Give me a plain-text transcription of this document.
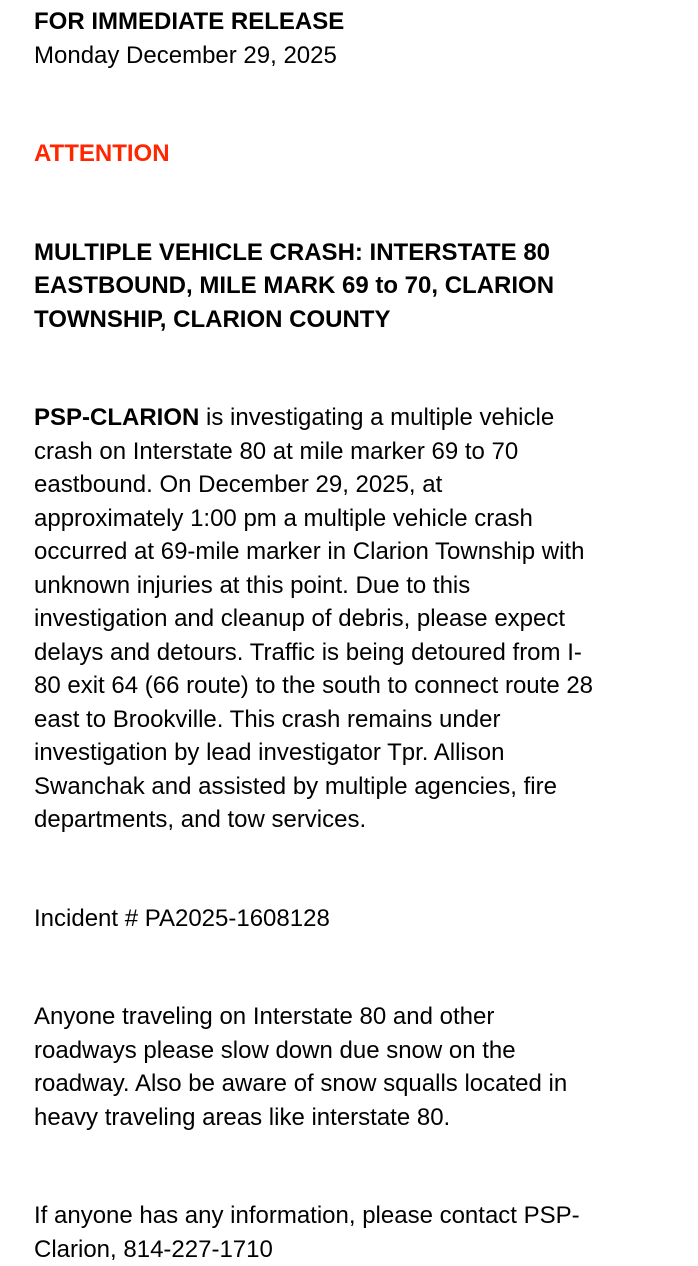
FOR IMMEDIATE RELEASE
Monday December 29, 2025
ATTENTION
MULTIPLE VEHICLE CRASH: INTERSTATE 80
EASTBOUND, MILE MARK 69 to 70, CLARION
TOWNSHIP, CLARION COUNTY
PSP-CLARION is investigating a multiple vehicle
crash on Interstate 80 at mile marker 69 to 70
eastbound. On December 29, 2025, at
approximately 1:00 pm a multiple vehicle crash
occurred at 69-mile marker in Clarion Township with
unknown injuries at this point. Due to this
investigation and cleanup of debris, please expect
delays and detours. Traffic is being detoured from I-
80 exit 64 (66 route) to the south to connect route 28
east to Brookville. This crash remains under
investigation by lead investigator Tpr. Allison
Swanchak and assisted by multiple agencies, fire
departments, and tow services.
Incident # PA2025-1608128
Anyone traveling on Interstate 80 and other
roadways please slow down due snow on the
roadway. Also be aware of snow squalls located in
heavy traveling areas like interstate 80.
If anyone has any information, please contact PSP-
Clarion, 814-227-1710
